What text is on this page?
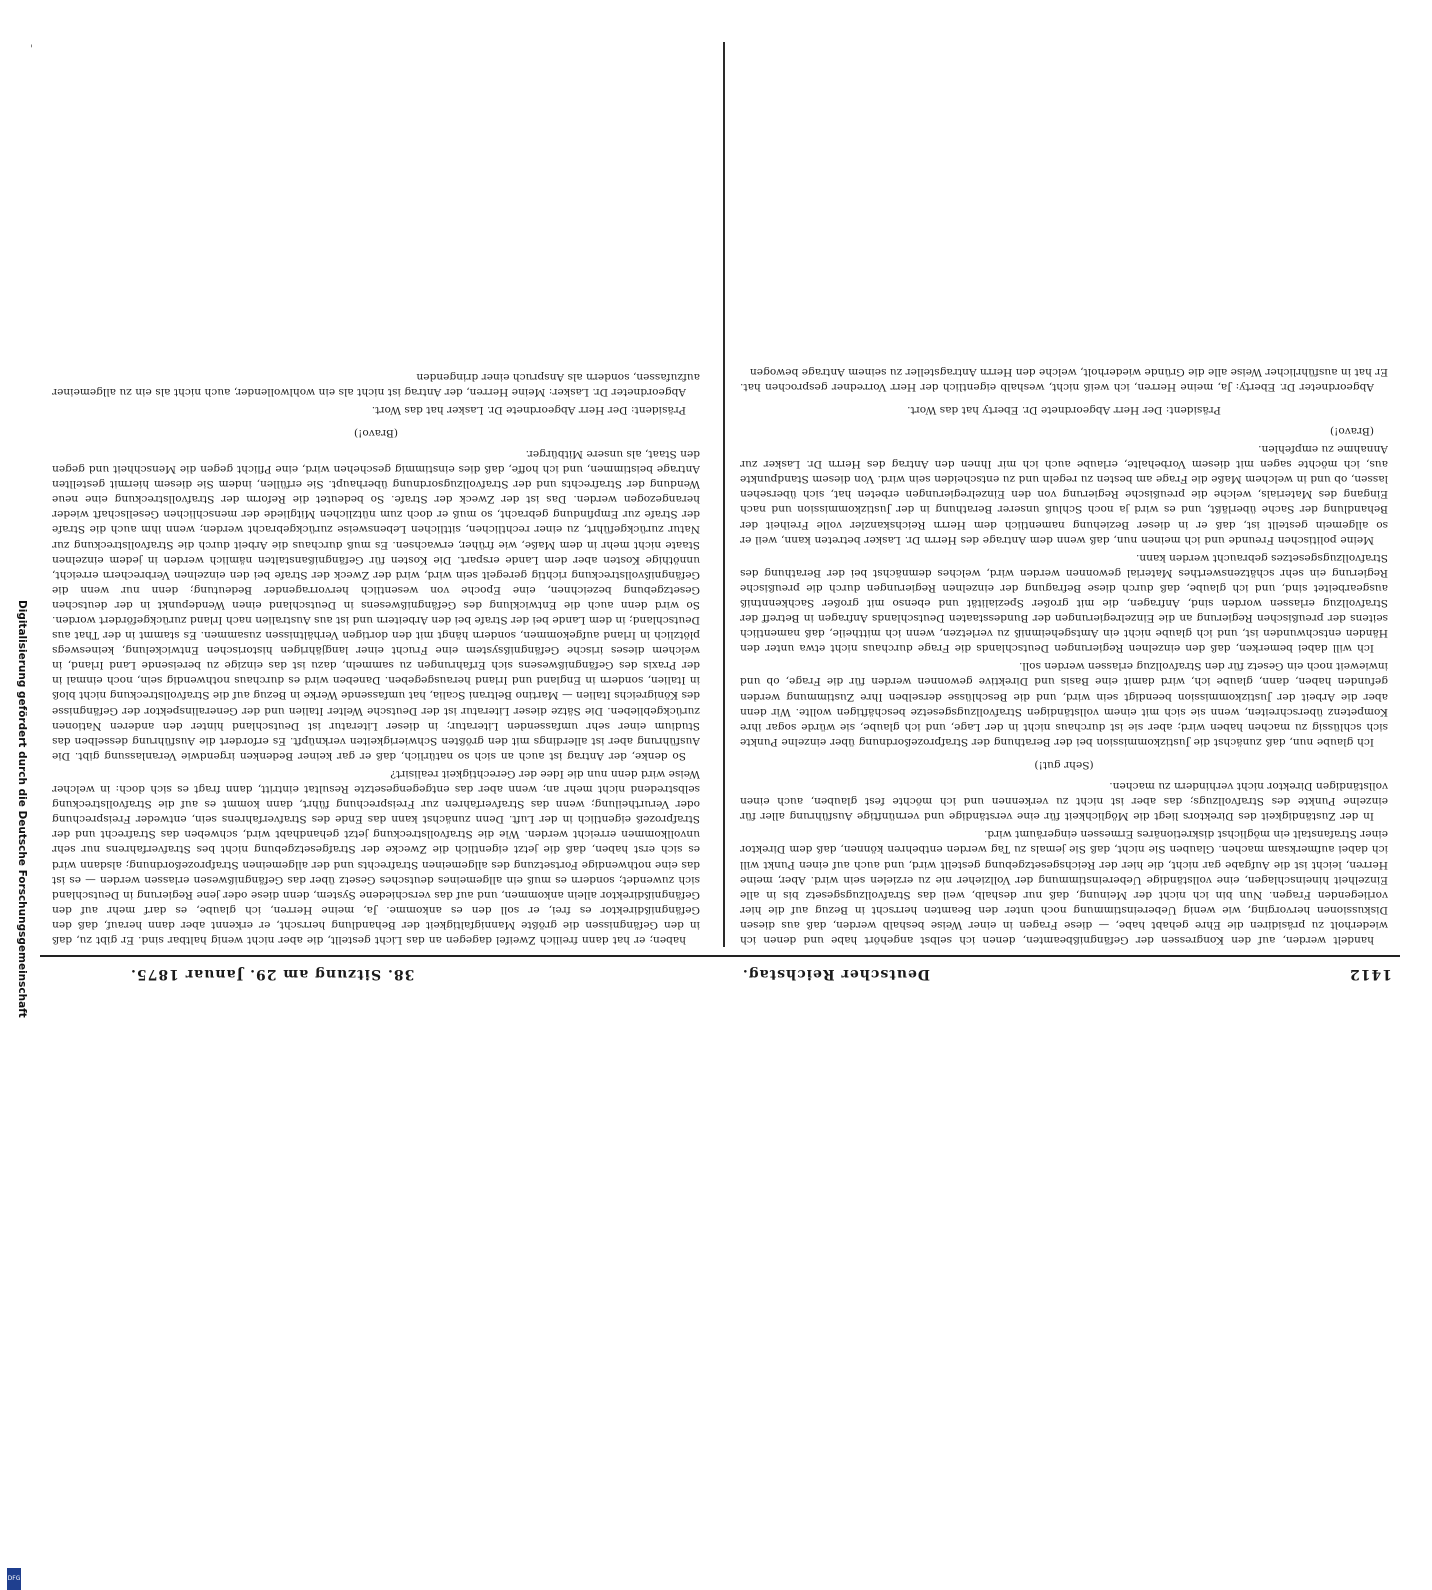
1412
Deutscher Reichstag.
38. Sitzung am 29. Januar 1875.

handelt werden, auf den Kongressen der Gefängnißbeamten, denen ich selbst angehört habe und denen ich wiederholt zu präsidiren die Ehre gehabt habe, — diese Fragen in einer Weise beshalb werden, daß aus diesen Diskussionen hervorging, wie wenig Uebereinstimmung noch unter den Beamten herrscht in Bezug auf die hier vorliegenden Fragen. Nun bin ich nicht der Meinung, daß nur deshalb, weil das Strafvollzugsgesetz bis in alle Einzelheit hineinschlagen, eine vollständige Uebereinstimmung der Vollzieher nie zu erzielen sein wird. Aber, meine Herren, leicht ist die Aufgabe gar nicht, die hier der Reichsgesetzgebung gestellt wird, und auch auf einen Punkt will ich dabei aufmerksam machen. Glauben Sie nicht, daß Sie jemals zu Tag werden entbehren können, daß dem Direktor einer Strafanstalt ein möglichst diskretionäres Ermessen eingeräumt wird.

In der Zuständigkeit des Direktors liegt die Möglichkeit für eine verständige und vernünftige Ausführung aller für einzelne Punkte des Strafvollzugs; das aber ist nicht zu verkennen und ich möchte fest glauben, auch einen vollständigen Direktor nicht verhindern zu machen.

(Sehr gut!)

Ich glaube nun, daß zunächst die Justizkommission bei der Berathung der Strafprozeßordnung über einzelne Punkte sich schlüssig zu machen haben wird; aber sie ist durchaus nicht in der Lage, und ich glaube, sie würde sogar ihre Kompetenz überschreiten, wenn sie sich mit einem vollständigen Strafvollzugsgesetze beschäftigen wollte. Wir denn aber die Arbeit der Justizkommission beendigt sein wird, und die Beschlüsse derselben Ihre Zustimmung werden gefunden haben, dann, glaube ich, wird damit eine Basis und Direktive gewonnen werden für die Frage, ob und inwieweit noch ein Gesetz für den Strafvollzug erlassen werden soll.

Ich will dabei bemerken, daß den einzelnen Regierungen Deutschlands die Frage durchaus nicht etwa unter den Händen entschwunden ist, und ich glaube nicht ein Amtsgeheimniß zu verletzen, wenn ich mittheile, daß namentlich seitens der preußischen Regierung an die Einzelregierungen der Bundesstaaten Deutschlands Anfragen in Betreff der Strafvollzug erlassen worden sind, Anfragen, die mit großer Spezialität und ebenso mit großer Sachkenntniß ausgearbeitet sind, und ich glaube, daß durch diese Befragung der einzelnen Regierungen durch die preußische Regierung ein sehr schätzenswerthes Material gewonnen werden wird, welches demnächst bei der Berathung des Strafvollzugsgesetzes gebraucht werden kann.

Meine politischen Freunde und ich meinen nun, daß wenn dem Antrage des Herrn Dr. Lasker betreten kann, weil er so allgemein gestellt ist, daß er in dieser Beziehung namentlich dem Herrn Reichskanzler volle Freiheit der Behandlung der Sache überläßt, und es wird ja noch Schluß unserer Berathung in der Justizkommission und nach Eingang des Materials, welche die preußische Regierung von den Einzelregierungen erbeten hat, sich übersehen lassen, ob und in welchem Maße die Frage am besten zu regeln und zu entscheiden sein wird. Von diesem Standpunkte aus, ich möchte sagen mit diesem Vorbehalte, erlaube auch ich mir Ihnen den Antrag des Herrn Dr. Lasker zur Annahme zu empfehlen.

(Bravo!)

Präsident: Der Herr Abgeordnete Dr. Eberty hat das Wort.

Abgeordneter Dr. Eberty: Ja, meine Herren, ich weiß nicht, weshalb eigentlich der Herr Vorredner gesprochen hat. Er hat in ausführlicher Weise alle die Gründe wiederholt, welche den Herrn Antragsteller zu seinem Antrage bewogen

haben; er hat dann freilich Zweifel dagegen an das Licht gestellt, die aber nicht wenig haltbar sind. Er gibt zu, daß in den Gefängnissen die größte Mannigfaltigkeit der Behandlung herrscht, er erkennt aber dann herauf, daß den Gefängnißdirektor es frei, er soll den es ankomme. Ja, meine Herren, ich glaube, es darf mehr auf den Gefängnißdirektor allein ankommen, und auf das verschiedene System, denn diese oder jene Regierung in Deutschland sich zuwendet; sondern es muß ein allgemeines deutsches Gesetz über das Gefängnißwesen erlassen werden — es ist das eine nothwendige Fortsetzung des allgemeinen Strafrechts und der allgemeinen Strafprozeßordnung; alsdann wird es sich erst haben, daß die jetzt eigentlich die Zwecke der Strafgesetzgebung nicht bes Strafverfahrens nur sehr unvollkommen erreicht werden. Wie die Strafvollstreckung jetzt gehandhabt wird, schweben das Strafrecht und der Strafprozeß eigentlich in der Luft. Denn zunächst kann das Ende des Strafverfahrens sein, entweder Freisprechung oder Verurtheilung; wenn das Strafverfahren zur Freisprechung führt, dann kommt es auf die Strafvollstreckung selbstredend nicht mehr an; wenn aber das entgegengesetzte Resultat eintritt, dann fragt es sich doch: in welcher Weise wird denn nun die Idee der Gerechtigkeit realisirt?

So denke, der Antrag ist auch an sich so natürlich, daß er gar keiner Bedenken irgendwie Veranlassung gibt. Die Ausführung aber ist allerdings mit den größten Schwierigkeiten verknüpft. Es erfordert die Ausführung desselben das Studium einer sehr umfassenden Literatur; in dieser Literatur ist Deutschland hinter den anderen Nationen zurückgeblieben. Die Sätze dieser Literatur ist der Deutsche Welter Italien und der Generalinspektor der Gefängnisse des Königreichs Italien — Martino Beltrani Scalia, hat umfassende Werke in Bezug auf die Strafvollstreckung nicht bloß in Italien, sondern in England und Irland herausgegeben. Daneben wird es durchaus nothwendig sein, noch einmal in der Praxis des Gefängnißwesens sich Erfahrungen zu sammeln, dazu ist das einzige zu bereisende Land Irland, in welchem dieses irische Gefängnißsystem eine Frucht einer langjährigen historischen Entwickelung, keineswegs plötzlich in Irland aufgekommen, sondern hängt mit den dortigen Verhältnissen zusammen. Es stammt in der That aus Deutschland; in dem Lande bei der Strafe bei den Arbeitern und ist aus Australien nach Irland zurückgefördert worden. So wird denn auch die Entwicklung des Gefängnißwesens in Deutschland einen Wendepunkt in der deutschen Gesetzgebung bezeichnen, eine Epoche von wesentlich hervorragender Bedeutung; denn nur wenn die Gefängnißvollstreckung richtig geregelt sein wird, wird der Zweck der Strafe bei den einzelnen Verbrechern erreicht, unnöthige Kosten aber dem Lande erspart. Die Kosten für Gefängnißanstalten nämlich werden in jedem einzelnen Staate nicht mehr in dem Maße, wie früher, erwachsen. Es muß durchaus die Arbeit durch die Strafvollstreckung zur Natur zurückgeführt, zu einer rechtlichen, sittlichen Lebensweise zurückgebracht werden; wenn ihm auch die Strafe der Strafe zur Empfindung gebracht, so muß er doch zum nützlichen Mitgliede der menschlichen Gesellschaft wieder herangezogen werden. Das ist der Zweck der Strafe. So bedeutet die Reform der Strafvollstreckung eine neue Wendung der Strafrechts und der Strafvollzugsordnung überhaupt. Sie erfüllen, indem Sie diesem hiermit gestellten Antrage beistimmen, und ich hoffe, daß dies einstimmig geschehen wird, eine Pflicht gegen die Menschheit und gegen den Staat, als unsere Mitbürger.

(Bravo!)

Präsident: Der Herr Abgeordnete Dr. Lasker hat das Wort.

Abgeordneter Dr. Lasker: Meine Herren, der Antrag ist nicht als ein wohlwollender, auch nicht als ein zu allgemeiner aufzufassen, sondern als Anspruch einer dringenden

'
Digitalisierung gefördert durch die Deutsche Forschungsgemeinschaft
DFG
